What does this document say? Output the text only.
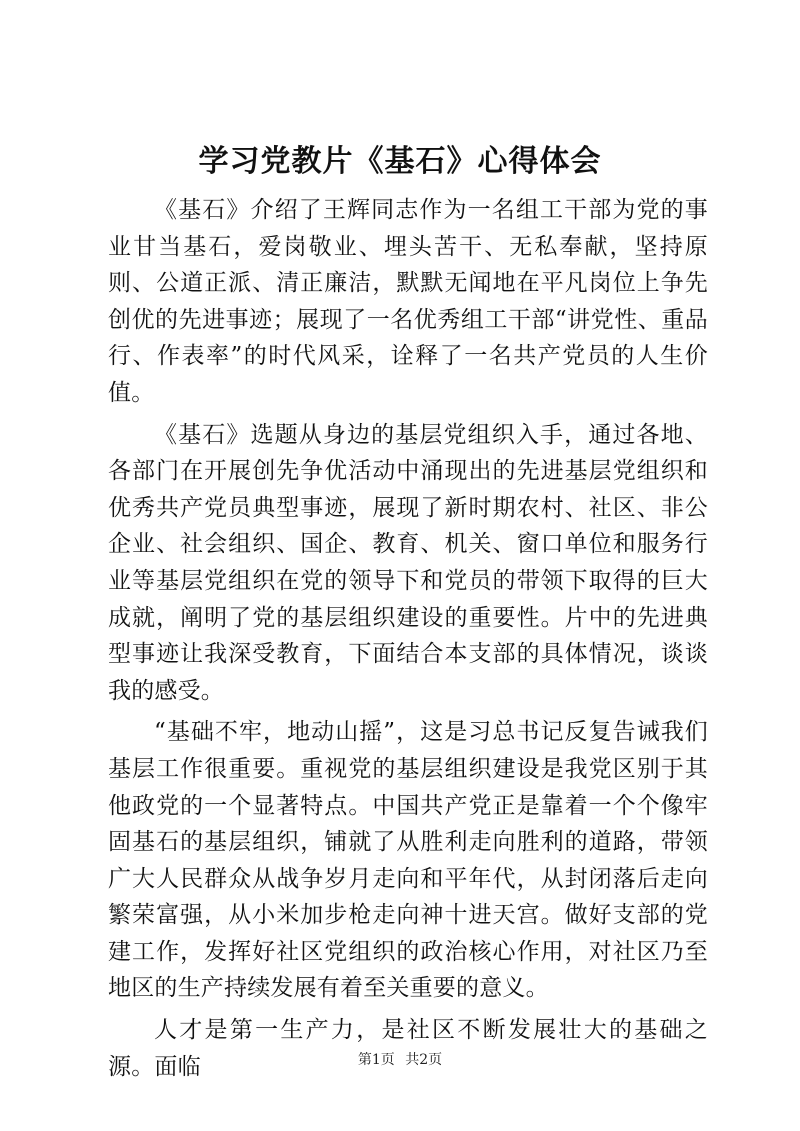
学习党教片《基石》心得体会

《基石》介绍了王辉同志作为一名组工干部为党的事业甘当基石，爱岗敬业、埋头苦干、无私奉献，坚持原则、公道正派、清正廉洁，默默无闻地在平凡岗位上争先创优的先进事迹；展现了一名优秀组工干部“讲党性、重品行、作表率”的时代风采，诠释了一名共产党员的人生价值。

《基石》选题从身边的基层党组织入手，通过各地、各部门在开展创先争优活动中涌现出的先进基层党组织和优秀共产党员典型事迹，展现了新时期农村、社区、非公企业、社会组织、国企、教育、机关、窗口单位和服务行业等基层党组织在党的领导下和党员的带领下取得的巨大成就，阐明了党的基层组织建设的重要性。片中的先进典型事迹让我深受教育，下面结合本支部的具体情况，谈谈我的感受。

“基础不牢，地动山摇”，这是习总书记反复告诫我们基层工作很重要。重视党的基层组织建设是我党区别于其他政党的一个显著特点。中国共产党正是靠着一个个像牢固基石的基层组织，铺就了从胜利走向胜利的道路，带领广大人民群众从战争岁月走向和平年代，从封闭落后走向繁荣富强，从小米加步枪走向神十进天宫。做好支部的党建工作，发挥好社区党组织的政治核心作用，对社区乃至地区的生产持续发展有着至关重要的意义。

人才是第一生产力，是社区不断发展壮大的基础之源。面临	第1页 共2页
